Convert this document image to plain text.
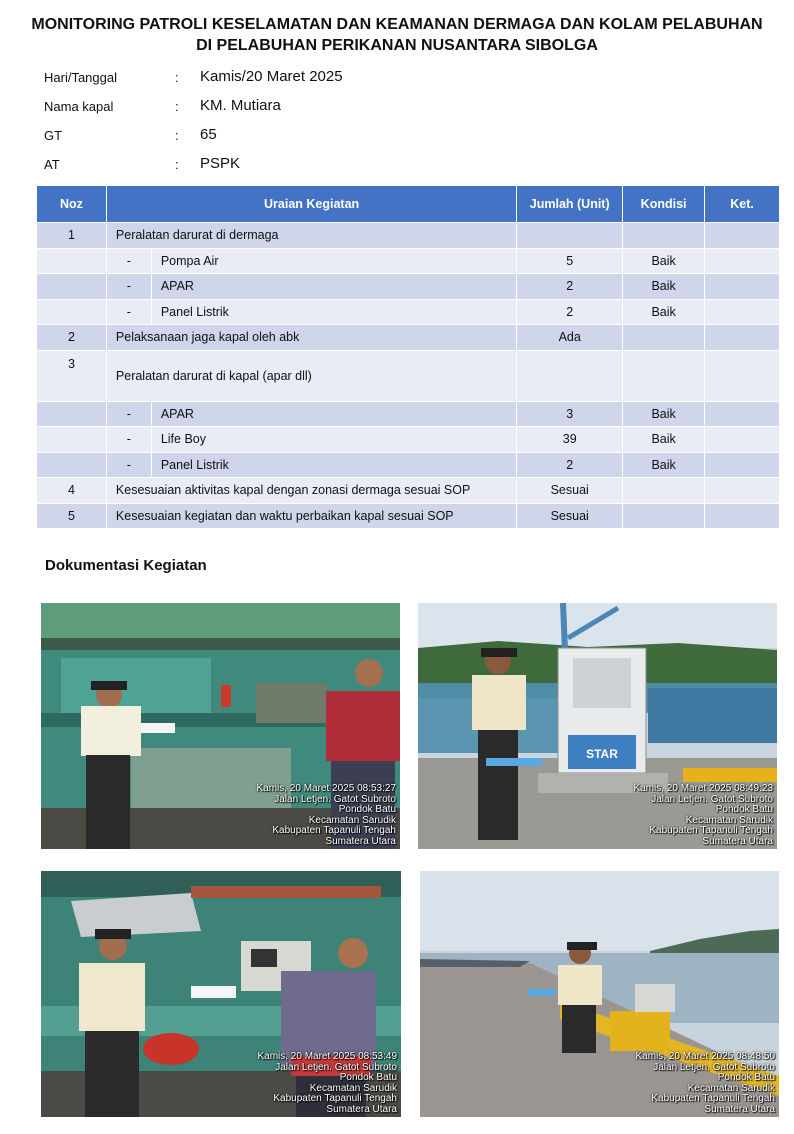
MONITORING PATROLI KESELAMATAN DAN KEAMANAN DERMAGA DAN KOLAM PELABUHAN
DI PELABUHAN PERIKANAN NUSANTARA SIBOLGA
Hari/Tanggal	: Kamis/20 Maret 2025
Nama kapal	: KM. Mutiara
GT	: 65
AT	: PSPK
Noz	Uraian Kegiatan		Jumlah (Unit)	Kondisi	Ket.
1	Peralatan darurat di dermaga				
	-	Pompa Air	5	Baik	
	-	APAR	2	Baik	
	-	Panel Listrik	2	Baik	
2	Pelaksanaan jaga kapal oleh abk		Ada		
3	Peralatan darurat di kapal (apar dll)				
	-	APAR	3	Baik	
	-	Life Boy	39	Baik	
	-	Panel Listrik	2	Baik	
4	Kesesuaian aktivitas kapal dengan zonasi dermaga sesuai SOP		Sesuai		
5	Kesesuaian kegiatan dan waktu perbaikan kapal sesuai SOP		Sesuai		
Dokumentasi Kegiatan
Kamis, 20 Maret 2025 08:53:27
Jalan Letjen. Gatot Subroto
Pondok Batu
Kecamatan Sarudik
Kabupaten Tapanuli Tengah
Sumatera Utara
STAR
Kamis, 20 Maret 2025 08:49:23
Jalan Letjen. Gatot Subroto
Pondok Batu
Kecamatan Sarudik
Kabupaten Tapanuli Tengah
Sumatera Utara
Kamis, 20 Maret 2025 08:53:49
Jalan Letjen. Gatot Subroto
Pondok Batu
Kecamatan Sarudik
Kabupaten Tapanuli Tengah
Sumatera Utara
Kamis, 20 Maret 2025 08:48:50
Jalan Letjen. Gatot Subroto
Pondok Batu
Kecamatan Sarudik
Kabupaten Tapanuli Tengah
Sumatera Utara
